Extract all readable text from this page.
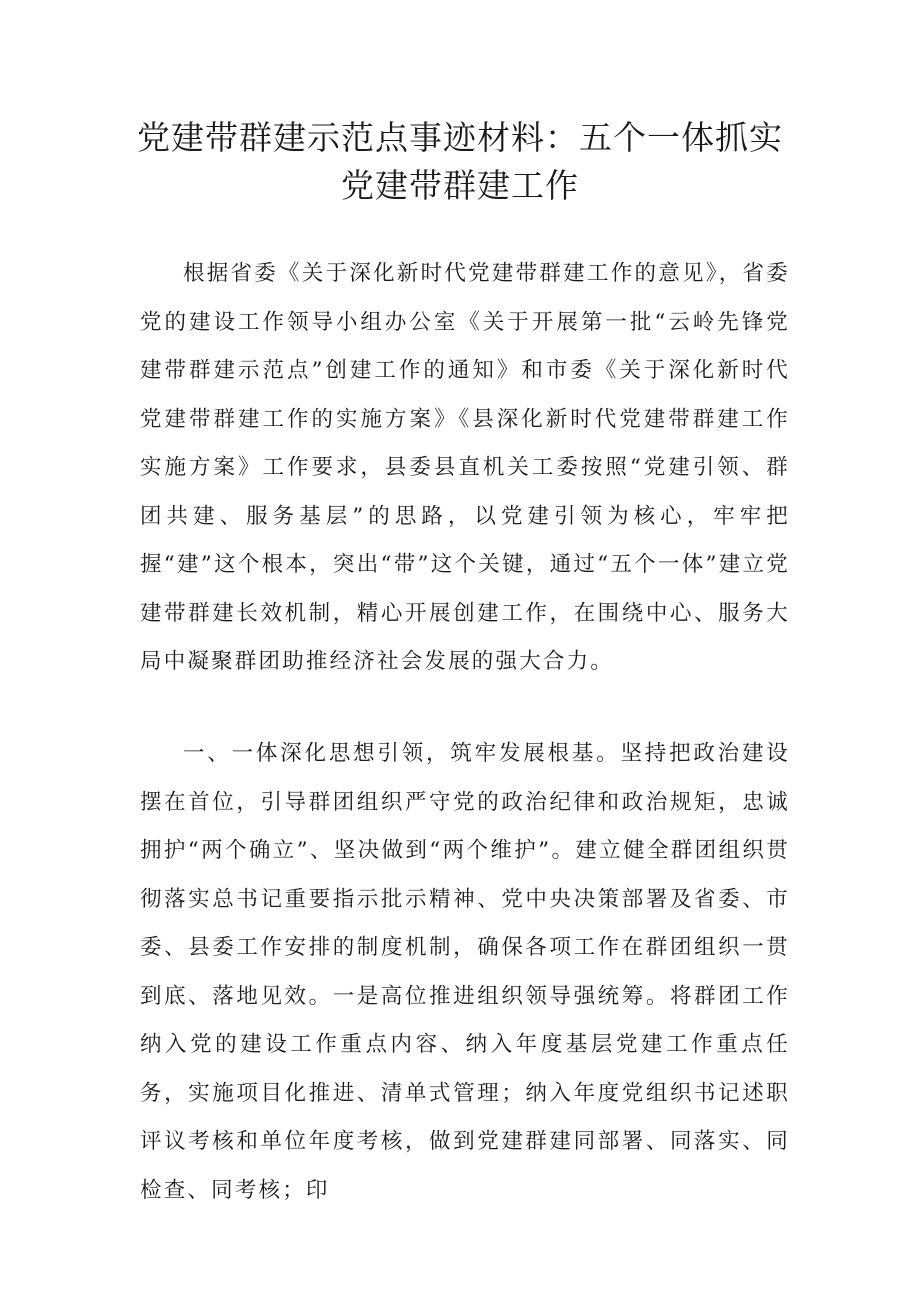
党建带群建示范点事迹材料：五个一体抓实
党建带群建工作

根据省委《关于深化新时代党建带群建工作的意见》，省委党的建设工作领导小组办公室《关于开展第一批“云岭先锋党建带群建示范点”创建工作的通知》和市委《关于深化新时代党建带群建工作的实施方案》《县深化新时代党建带群建工作实施方案》工作要求，县委县直机关工委按照“党建引领、群团共建、服务基层”的思路，以党建引领为核心，牢牢把握“建”这个根本，突出“带”这个关键，通过“五个一体”建立党建带群建长效机制，精心开展创建工作，在围绕中心、服务大局中凝聚群团助推经济社会发展的强大合力。

一、一体深化思想引领，筑牢发展根基。坚持把政治建设摆在首位，引导群团组织严守党的政治纪律和政治规矩，忠诚拥护“两个确立”、坚决做到“两个维护”。建立健全群团组织贯彻落实总书记重要指示批示精神、党中央决策部署及省委、市委、县委工作安排的制度机制，确保各项工作在群团组织一贯到底、落地见效。一是高位推进组织领导强统筹。将群团工作纳入党的建设工作重点内容、纳入年度基层党建工作重点任务，实施项目化推进、清单式管理；纳入年度党组织书记述职评议考核和单位年度考核，做到党建群建同部署、同落实、同检查、同考核；印
